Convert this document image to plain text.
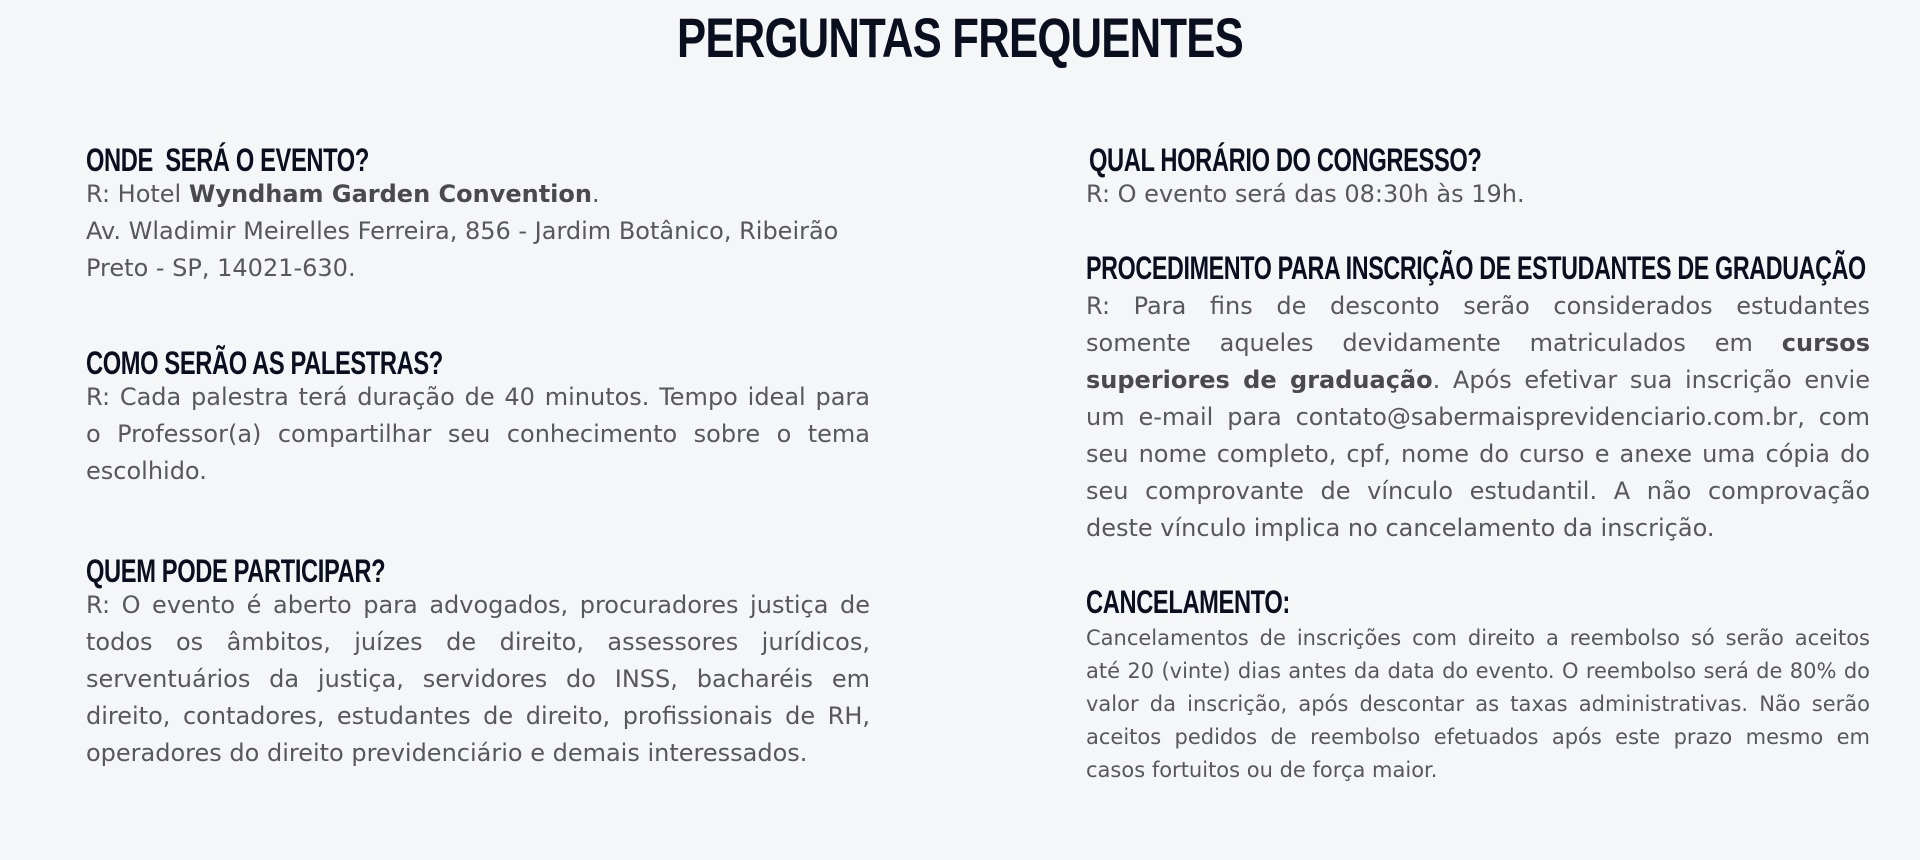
PERGUNTAS FREQUENTES
ONDE  SERÁ O EVENTO?
R: Hotel Wyndham Garden Convention.
Av. Wladimir Meirelles Ferreira, 856 - Jardim Botânico, Ribeirão Preto - SP, 14021-630.
COMO SERÃO AS PALESTRAS?
R: Cada palestra terá duração de 40 minutos. Tempo ideal para o Professor(a) compartilhar seu conhecimento sobre o tema escolhido.
QUEM PODE PARTICIPAR?
R: O evento é aberto para advogados, procuradores justiça de todos os âmbitos, juízes de direito, assessores jurídicos, serventuários da justiça, servidores do INSS, bacharéis em direito, contadores, estudantes de direito, profissionais de RH, operadores do direito previdenciário e demais interessados.
QUAL HORÁRIO DO CONGRESSO?
R: O evento será das 08:30h às 19h.
PROCEDIMENTO PARA INSCRIÇÃO DE ESTUDANTES DE GRADUAÇÃO
R: Para fins de desconto serão considerados estudantes somente aqueles devidamente matriculados em cursos superiores de graduação. Após efetivar sua inscrição envie um e-mail para contato@sabermaisprevidenciario.com.br, com seu nome completo, cpf, nome do curso e anexe uma cópia do seu comprovante de vínculo estudantil. A não comprovação deste vínculo implica no cancelamento da inscrição.
CANCELAMENTO:
Cancelamentos de inscrições com direito a reembolso só serão aceitos até 20 (vinte) dias antes da data do evento. O reembolso será de 80% do valor da inscrição, após descontar as taxas administrativas. Não serão aceitos pedidos de reembolso efetuados após este prazo mesmo em casos fortuitos ou de força maior.
